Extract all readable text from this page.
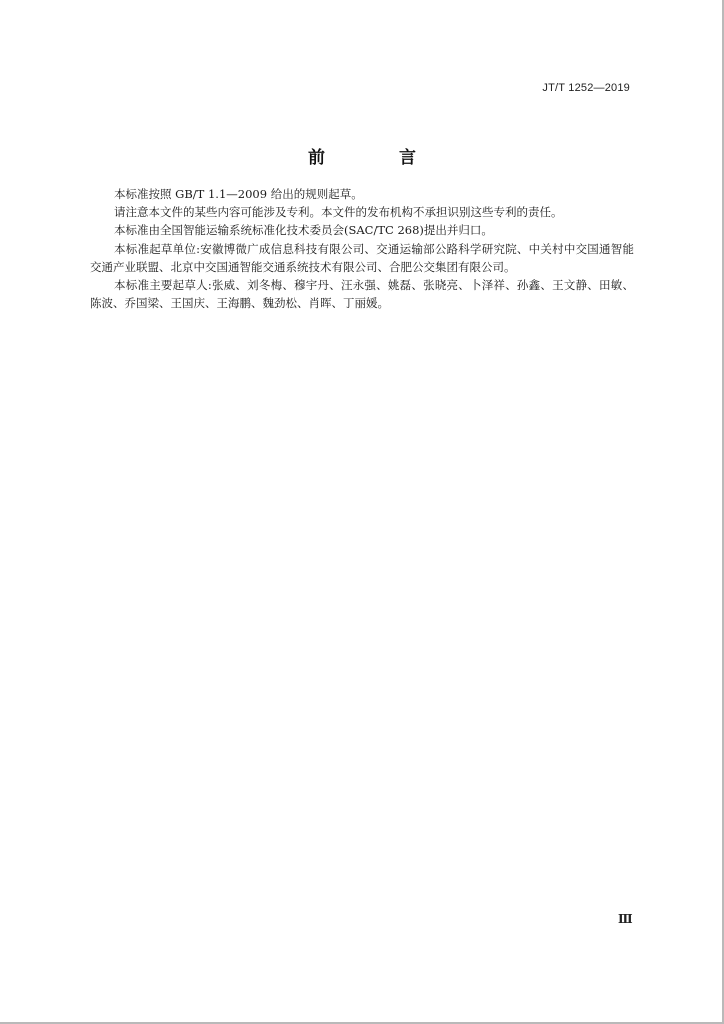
JT/T 1252—2019
前 言

本标准按照 GB/T 1.1—2009 给出的规则起草。

请注意本文件的某些内容可能涉及专利。本文件的发布机构不承担识别这些专利的责任。

本标准由全国智能运输系统标准化技术委员会(SAC/TC 268)提出并归口。

本标准起草单位:安徽博微广成信息科技有限公司、交通运输部公路科学研究院、中关村中交国通智能交通产业联盟、北京中交国通智能交通系统技术有限公司、合肥公交集团有限公司。

本标准主要起草人:张威、刘冬梅、穆宇丹、汪永强、姚磊、张晓亮、卜泽祥、孙鑫、王文静、田敏、陈波、乔国梁、王国庆、王海鹏、魏劲松、肖晖、丁丽媛。

Ⅲ
